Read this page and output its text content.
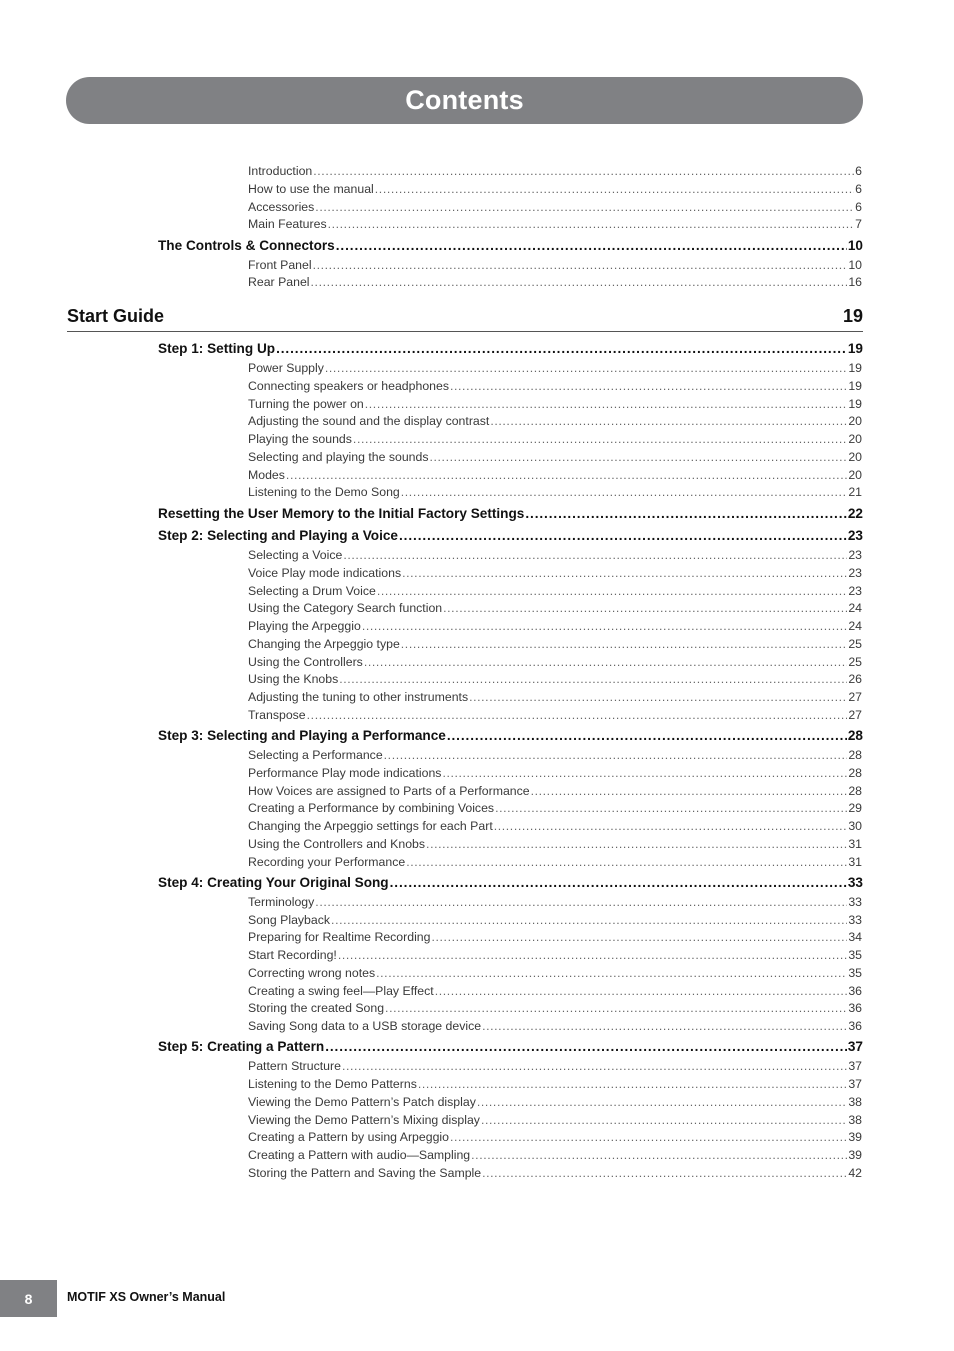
Contents
Introduction .....	6
How to use the manual .....	6
Accessories .....	6
Main Features .....	7
The Controls & Connectors .....	10
Front Panel .....	10
Rear Panel .....	16
Start Guide	19
Step 1: Setting Up .....	19
Power Supply .....	19
Connecting speakers or headphones .....	19
Turning the power on .....	19
Adjusting the sound and the display contrast .....	20
Playing the sounds .....	20
Selecting and playing the sounds .....	20
Modes .....	20
Listening to the Demo Song .....	21
Resetting the User Memory to the Initial Factory Settings .....	22
Step 2: Selecting and Playing a Voice .....	23
Selecting a Voice .....	23
Voice Play mode indications .....	23
Selecting a Drum Voice .....	23
Using the Category Search function .....	24
Playing the Arpeggio .....	24
Changing the Arpeggio type .....	25
Using the Controllers .....	25
Using the Knobs .....	26
Adjusting the tuning to other instruments .....	27
Transpose .....	27
Step 3: Selecting and Playing a Performance .....	28
Selecting a Performance .....	28
Performance Play mode indications .....	28
How Voices are assigned to Parts of a Performance .....	28
Creating a Performance by combining Voices .....	29
Changing the Arpeggio settings for each Part .....	30
Using the Controllers and Knobs .....	31
Recording your Performance .....	31
Step 4: Creating Your Original Song .....	33
Terminology .....	33
Song Playback .....	33
Preparing for Realtime Recording .....	34
Start Recording! .....	35
Correcting wrong notes .....	35
Creating a swing feel—Play Effect .....	36
Storing the created Song .....	36
Saving Song data to a USB storage device .....	36
Step 5: Creating a Pattern .....	37
Pattern Structure .....	37
Listening to the Demo Patterns .....	37
Viewing the Demo Pattern’s Patch display .....	38
Viewing the Demo Pattern’s Mixing display .....	38
Creating a Pattern by using Arpeggio .....	39
Creating a Pattern with audio—Sampling .....	39
Storing the Pattern and Saving the Sample .....	42
8	MOTIF XS Owner’s Manual
